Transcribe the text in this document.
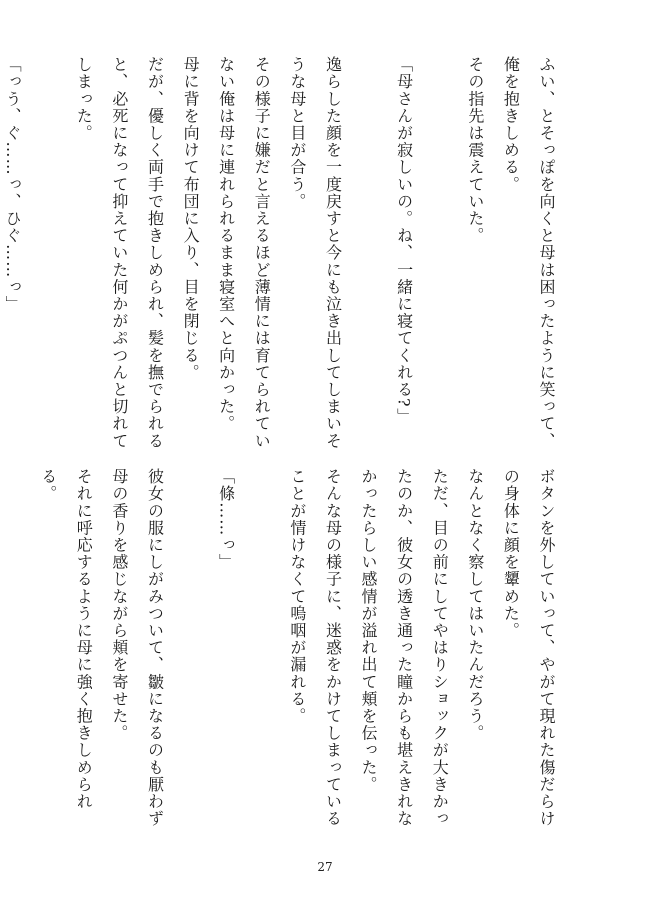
ふい、とそっぽを向くと母は困ったように笑って、俺を抱きしめる。

その指先は震えていた。

「母さんが寂しいの。ね、一緒に寝てくれる?」

逸らした顔を一度戻すと今にも泣き出してしまいそうな母と目が合う。

その様子に嫌だと言えるほど薄情には育てられていない俺は母に連れられるまま寝室へと向かった。

母に背を向けて布団に入り、目を閉じる。

だが、優しく両手で抱きしめられ、髪を撫でられると、必死になって抑えていた何かがぷつんと切れてしまった。

「っう、ぐ……っ、ひぐ……っ」

ボタンを外していって、やがて現れた傷だらけの身体に顔を顰めた。

なんとなく察してはいたんだろう。

ただ、目の前にしてやはりショックが大きかったのか、彼女の透き通った瞳からも堪えきれなかったらしい感情が溢れ出て頬を伝った。

そんな母の様子に、迷惑をかけてしまっていることが情けなくて嗚咽が漏れる。

「條……っ」

彼女の服にしがみついて、皺になるのも厭わず母の香りを感じながら頬を寄せた。

それに呼応するように母に強く抱きしめられる。

27
